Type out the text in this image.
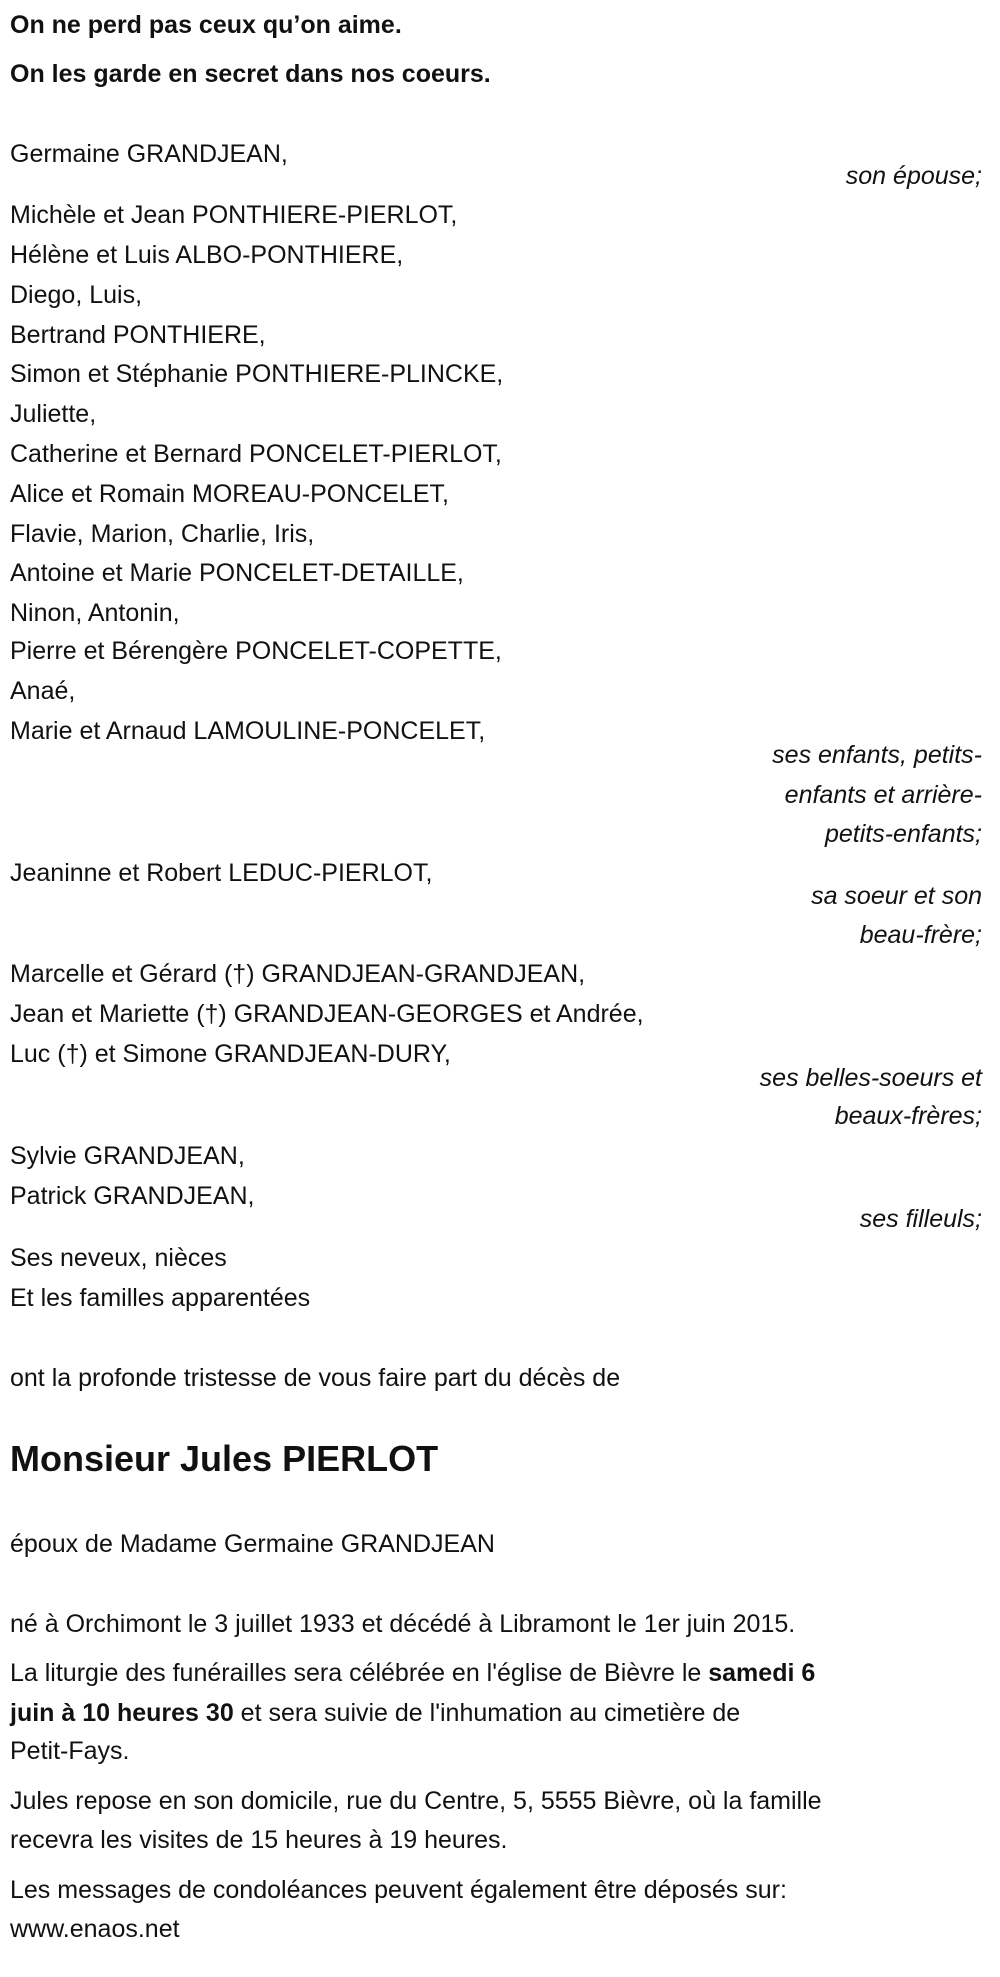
On ne perd pas ceux qu’on aime.
On les garde en secret dans nos coeurs.
Germaine GRANDJEAN,
son épouse;
Michèle et Jean PONTHIERE-PIERLOT,
Hélène et Luis ALBO-PONTHIERE,
Diego, Luis,
Bertrand PONTHIERE,
Simon et Stéphanie PONTHIERE-PLINCKE,
Juliette,
Catherine et Bernard PONCELET-PIERLOT,
Alice et Romain MOREAU-PONCELET,
Flavie, Marion, Charlie, Iris,
Antoine et Marie PONCELET-DETAILLE,
Ninon, Antonin,
Pierre et Bérengère PONCELET-COPETTE,
Anaé,
Marie et Arnaud LAMOULINE-PONCELET,
ses enfants, petits-
enfants et arrière-
petits-enfants;
Jeaninne et Robert LEDUC-PIERLOT,
sa soeur et son
beau-frère;
Marcelle et Gérard (†) GRANDJEAN-GRANDJEAN,
Jean et Mariette (†) GRANDJEAN-GEORGES et Andrée,
Luc (†) et Simone GRANDJEAN-DURY,
ses belles-soeurs et
beaux-frères;
Sylvie GRANDJEAN,
Patrick GRANDJEAN,
ses filleuls;
Ses neveux, nièces
Et les familles apparentées
ont la profonde tristesse de vous faire part du décès de
Monsieur Jules PIERLOT
époux de Madame Germaine GRANDJEAN
né à Orchimont le 3 juillet 1933 et décédé à Libramont le 1er juin 2015.
La liturgie des funérailles sera célébrée en l'église de Bièvre le samedi 6
juin à 10 heures 30 et sera suivie de l'inhumation au cimetière de
Petit-Fays.
Jules repose en son domicile, rue du Centre, 5, 5555 Bièvre, où la famille
recevra les visites de 15 heures à 19 heures.
Les messages de condoléances peuvent également être déposés sur:
www.enaos.net
